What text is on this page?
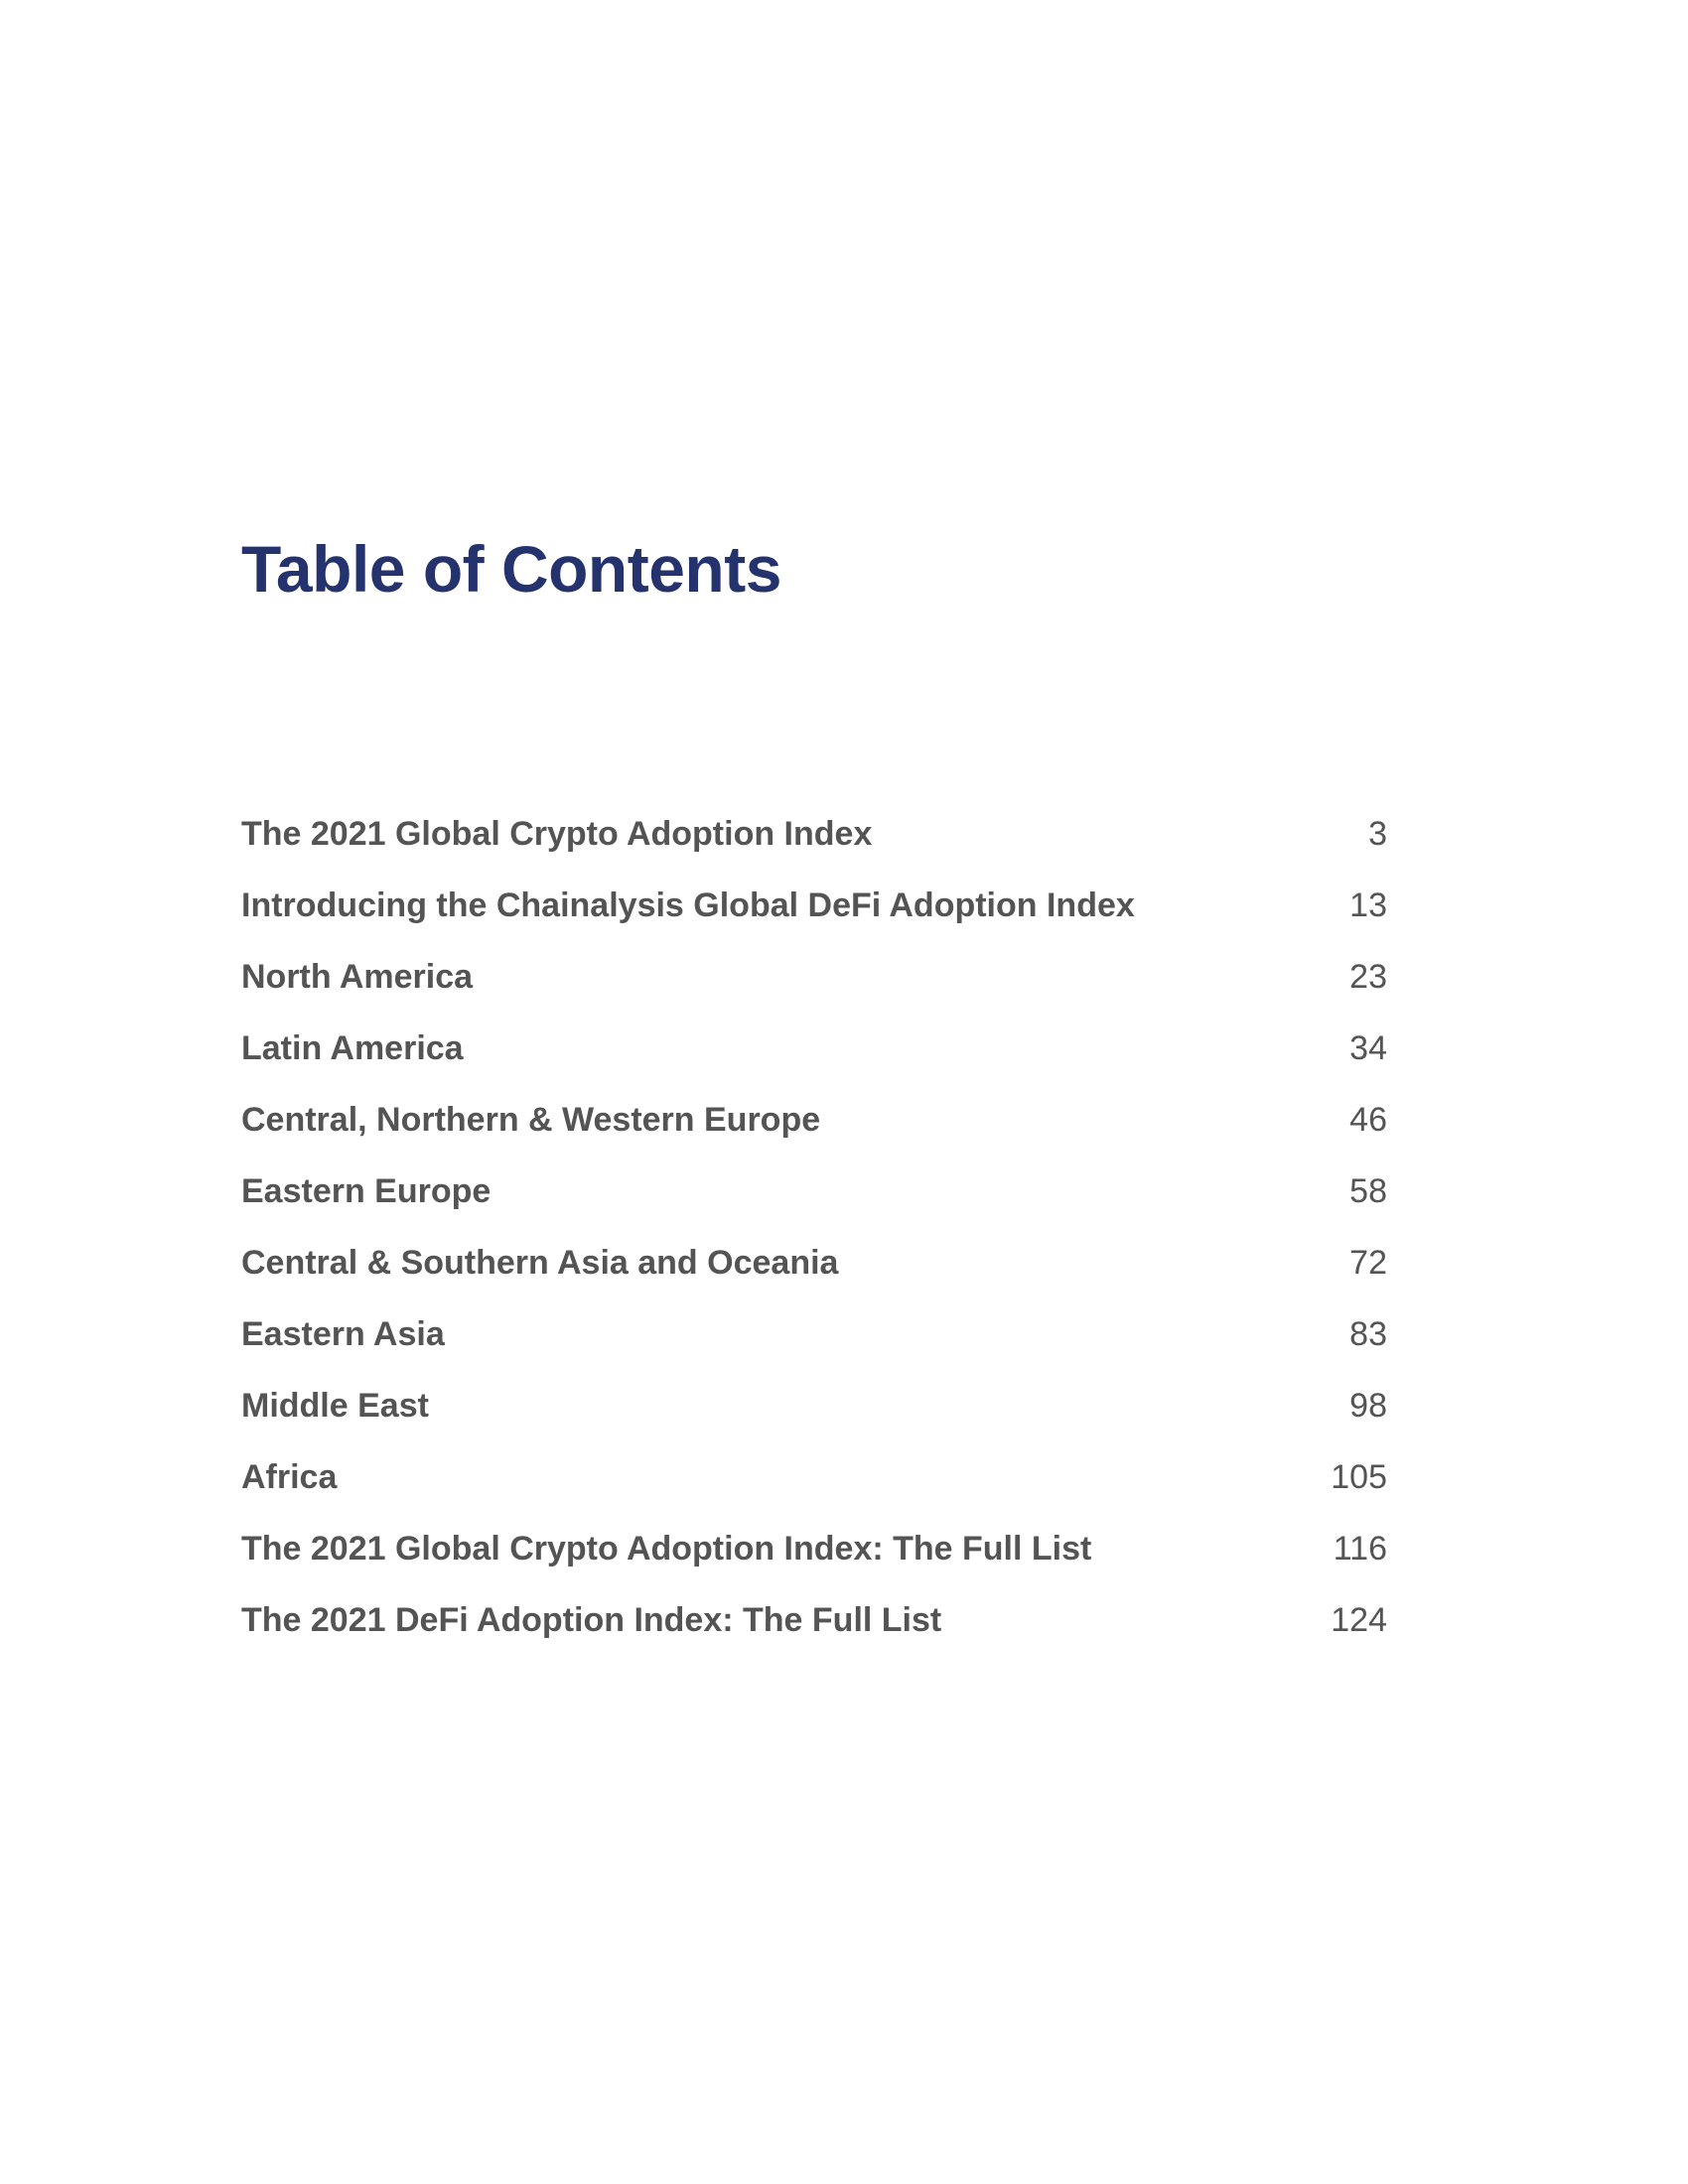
Table of Contents
The 2021 Global Crypto Adoption Index	3
Introducing the Chainalysis Global DeFi Adoption Index	13
North America	23
Latin America	34
Central, Northern & Western Europe	46
Eastern Europe	58
Central & Southern Asia and Oceania	72
Eastern Asia	83
Middle East	98
Africa	105
The 2021 Global Crypto Adoption Index: The Full List	116
The 2021 DeFi Adoption Index: The Full List	124
